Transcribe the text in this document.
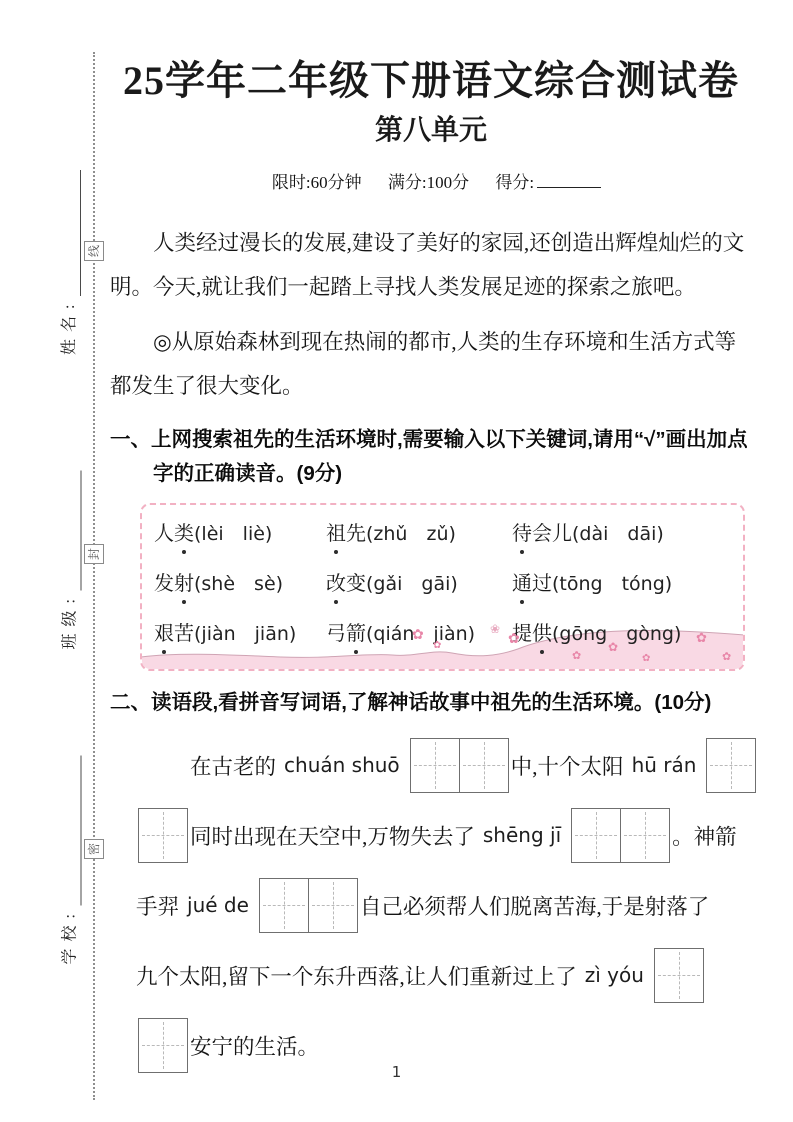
线
封
密
姓名:
班级:
学校:
25学年二年级下册语文综合测试卷
第八单元
限时:60分钟 满分:100分 得分:

人类经过漫长的发展,建设了美好的家园,还创造出辉煌灿烂的文明。今天,就让我们一起踏上寻找人类发展足迹的探索之旅吧。

◎从原始森林到现在热闹的都市,人类的生存环境和生活方式等都发生了很大变化。

一、上网搜索祖先的生活环境时,需要输入以下关键词,请用“√”画出加点字的正确读音。(9分)
人类(lèi　liè)	祖先(zhǔ　zǔ)	待会儿(dài　dāi)
发射(shè　sè)	改变(gǎi　gāi)	通过(tōng　tóng)
艰苦(jiàn　jiān)	弓箭(qián　jiàn)	提供(gōng　gòng)
✿
✿
❀
✿
✿
✿
✿
✿
✿
二、读语段,看拼音写词语,了解神话故事中祖先的生活环境。(10分)
在古老的 chuán shuō	中,十个太阳 hū rán
同时出现在天空中,万物失去了 shēng jī	。神箭
手羿 jué de	自己必须帮人们脱离苦海,于是射落了
九个太阳,留下一个东升西落,让人们重新过上了 zì yóu
安宁的生活。
1
